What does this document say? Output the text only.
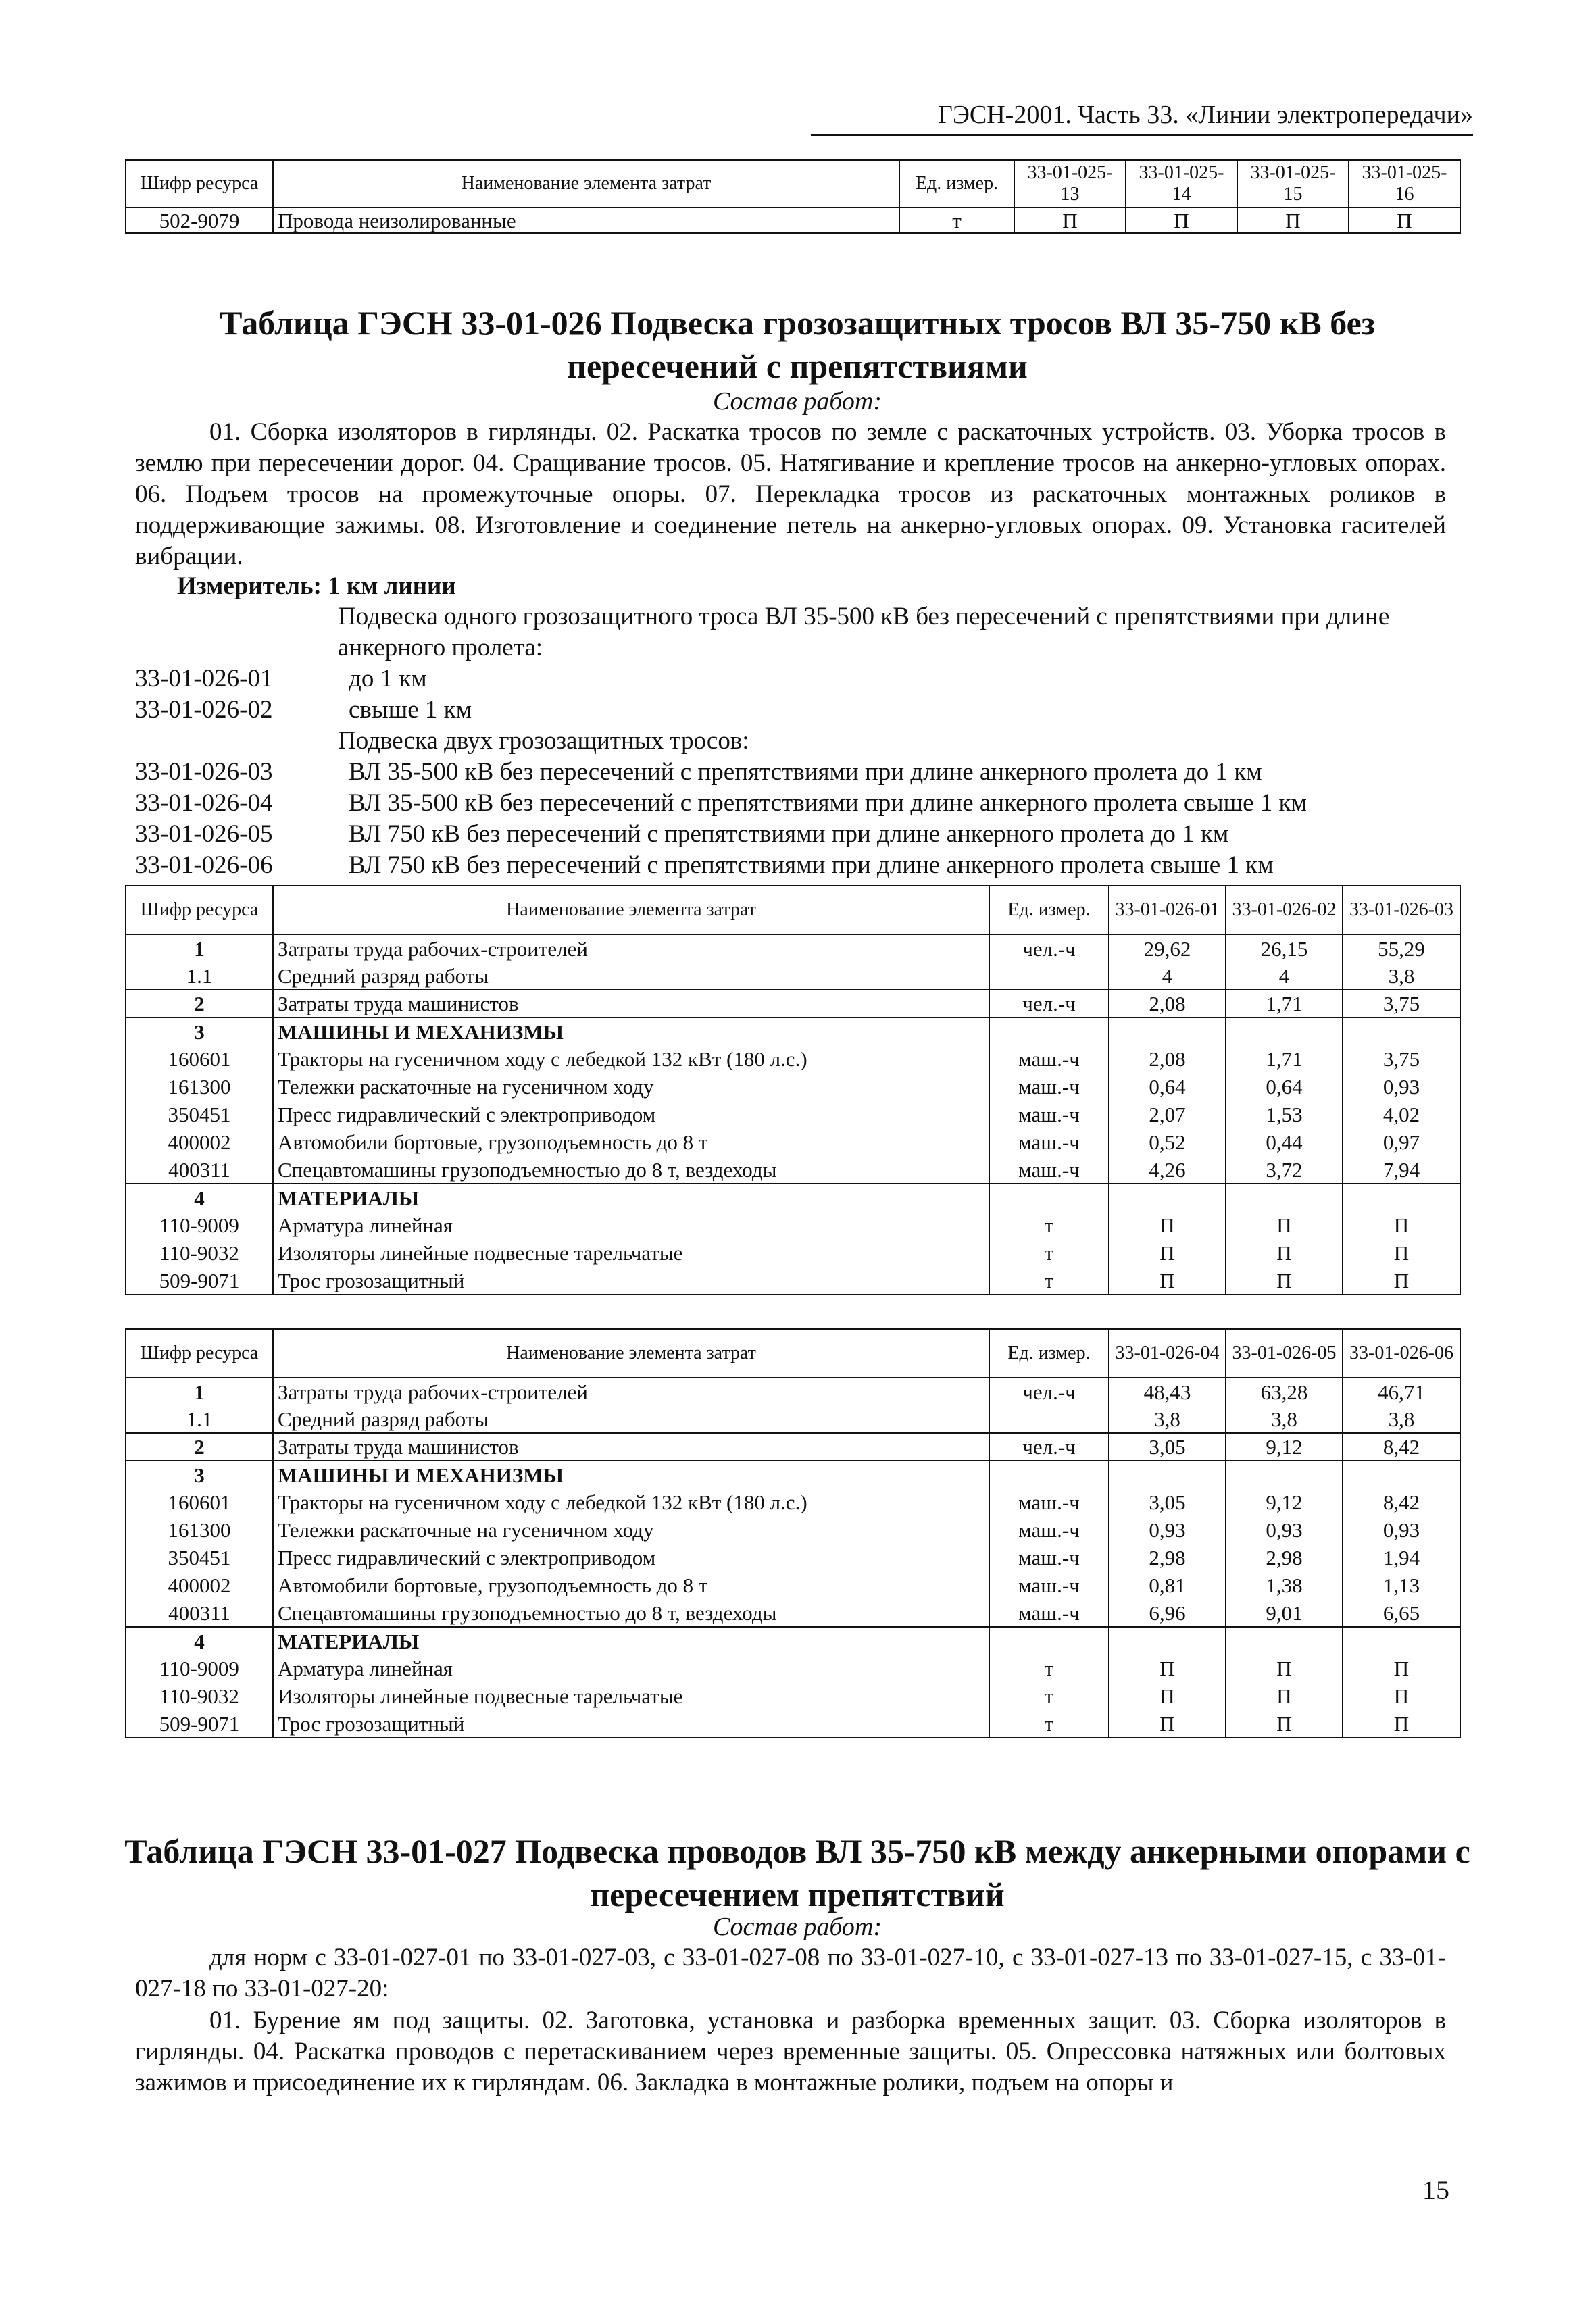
ГЭСН-2001. Часть 33. «Линии электропередачи»
Шифр ресурса	Наименование элемента затрат	Ед. измер.	33-01-025-13	33-01-025-14	33-01-025-15	33-01-025-16
502-9079	Провода неизолированные	т	П	П	П	П
Таблица ГЭСН 33-01-026 Подвеска грозозащитных тросов ВЛ 35-750 кВ без
пересечений с препятствиями
Состав работ:
01. Сборка изоляторов в гирлянды. 02. Раскатка тросов по земле с раскаточных устройств. 03. Уборка тросов в землю при пересечении дорог. 04. Сращивание тросов. 05. Натягивание и крепление тросов на анкерно-угловых опорах. 06. Подъем тросов на промежуточные опоры. 07. Перекладка тросов из раскаточных монтажных роликов в поддерживающие зажимы. 08. Изготовление и соединение петель на анкерно-угловых опорах. 09. Установка гасителей вибрации.
Измеритель: 1 км линии
Подвеска одного грозозащитного троса ВЛ 35-500 кВ без пересечений с препятствиями при длине анкерного пролета:
33-01-026-01	до 1 км
33-01-026-02	свыше 1 км
Подвеска двух грозозащитных тросов:
33-01-026-03	ВЛ 35-500 кВ без пересечений с препятствиями при длине анкерного пролета до 1 км
33-01-026-04	ВЛ 35-500 кВ без пересечений с препятствиями при длине анкерного пролета свыше 1 км
33-01-026-05	ВЛ 750 кВ без пересечений с препятствиями при длине анкерного пролета до 1 км
33-01-026-06	ВЛ 750 кВ без пересечений с препятствиями при длине анкерного пролета свыше 1 км
Шифр ресурса	Наименование элемента затрат	Ед. измер.	33-01-026-01	33-01-026-02	33-01-026-03
1	Затраты труда рабочих-строителей	чел.-ч	29,62	26,15	55,29
1.1	Средний разряд работы		4	4	3,8
2	Затраты труда машинистов	чел.-ч	2,08	1,71	3,75
3	МАШИНЫ И МЕХАНИЗМЫ				
160601	Тракторы на гусеничном ходу с лебедкой 132 кВт (180 л.с.)	маш.-ч	2,08	1,71	3,75
161300	Тележки раскаточные на гусеничном ходу	маш.-ч	0,64	0,64	0,93
350451	Пресс гидравлический с электроприводом	маш.-ч	2,07	1,53	4,02
400002	Автомобили бортовые, грузоподъемность до 8 т	маш.-ч	0,52	0,44	0,97
400311	Спецавтомашины грузоподъемностью до 8 т, вездеходы	маш.-ч	4,26	3,72	7,94
4	МАТЕРИАЛЫ				
110-9009	Арматура линейная	т	П	П	П
110-9032	Изоляторы линейные подвесные тарельчатые	т	П	П	П
509-9071	Трос грозозащитный	т	П	П	П
Шифр ресурса	Наименование элемента затрат	Ед. измер.	33-01-026-04	33-01-026-05	33-01-026-06
1	Затраты труда рабочих-строителей	чел.-ч	48,43	63,28	46,71
1.1	Средний разряд работы		3,8	3,8	3,8
2	Затраты труда машинистов	чел.-ч	3,05	9,12	8,42
3	МАШИНЫ И МЕХАНИЗМЫ				
160601	Тракторы на гусеничном ходу с лебедкой 132 кВт (180 л.с.)	маш.-ч	3,05	9,12	8,42
161300	Тележки раскаточные на гусеничном ходу	маш.-ч	0,93	0,93	0,93
350451	Пресс гидравлический с электроприводом	маш.-ч	2,98	2,98	1,94
400002	Автомобили бортовые, грузоподъемность до 8 т	маш.-ч	0,81	1,38	1,13
400311	Спецавтомашины грузоподъемностью до 8 т, вездеходы	маш.-ч	6,96	9,01	6,65
4	МАТЕРИАЛЫ				
110-9009	Арматура линейная	т	П	П	П
110-9032	Изоляторы линейные подвесные тарельчатые	т	П	П	П
509-9071	Трос грозозащитный	т	П	П	П
Таблица ГЭСН 33-01-027 Подвеска проводов ВЛ 35-750 кВ между анкерными опорами с
пересечением препятствий
Состав работ:
для норм с 33-01-027-01 по 33-01-027-03, с 33-01-027-08 по 33-01-027-10, с 33-01-027-13 по 33-01-027-15, с 33-01-027-18 по 33-01-027-20:
01. Бурение ям под защиты. 02. Заготовка, установка и разборка временных защит. 03. Сборка изоляторов в гирлянды. 04. Раскатка проводов с перетаскиванием через временные защиты. 05. Опрессовка натяжных или болтовых зажимов и присоединение их к гирляндам. 06. Закладка в монтажные ролики, подъем на опоры и
15
